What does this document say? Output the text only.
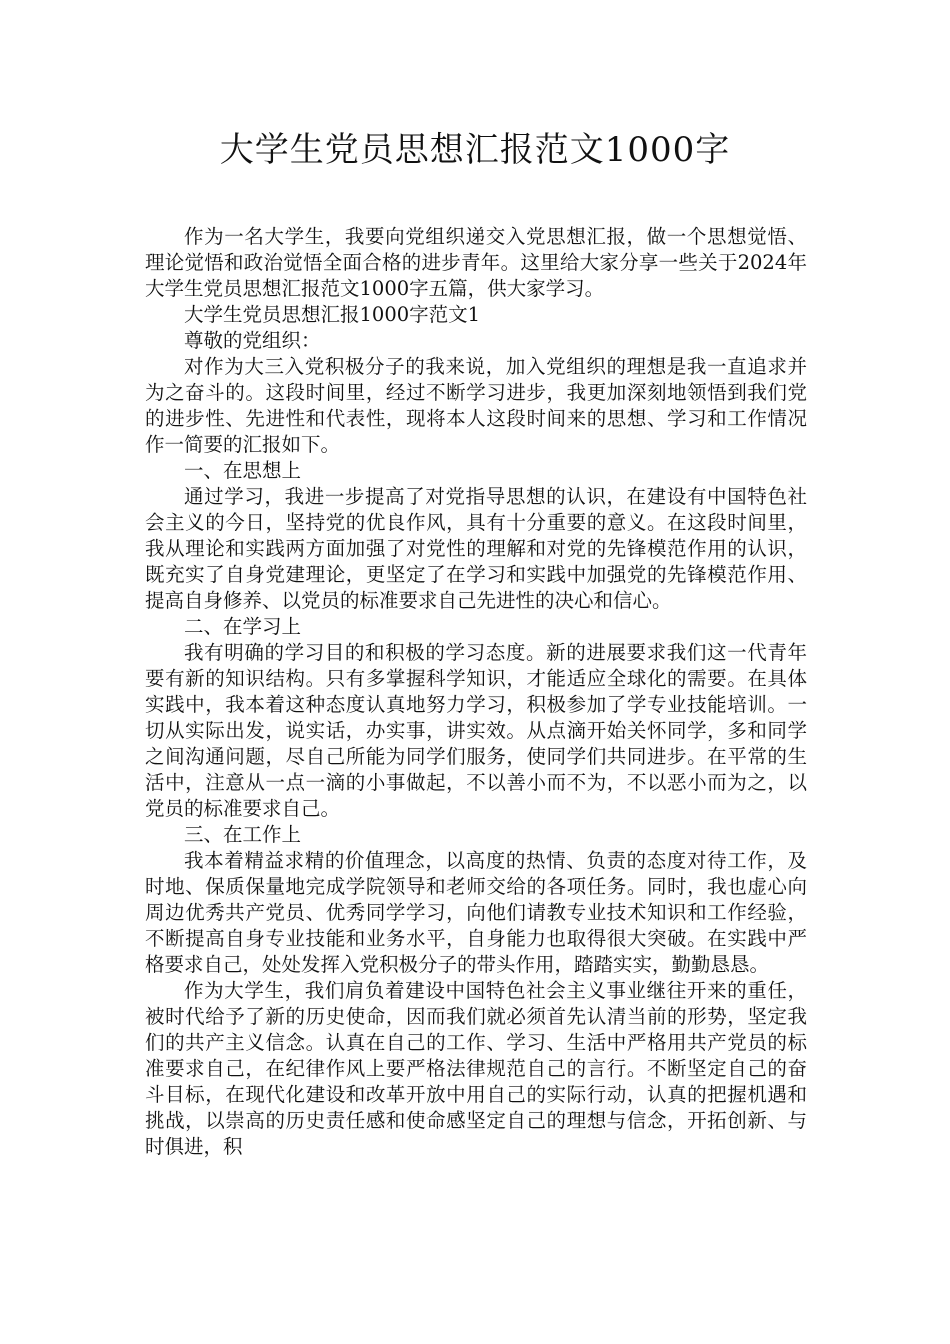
大学生党员思想汇报范文1000字

作为一名大学生，我要向党组织递交入党思想汇报，做一个思想觉悟、理论觉悟和政治觉悟全面合格的进步青年。这里给大家分享一些关于2024年大学生党员思想汇报范文1000字五篇，供大家学习。

大学生党员思想汇报1000字范文1

尊敬的党组织：

对作为大三入党积极分子的我来说，加入党组织的理想是我一直追求并为之奋斗的。这段时间里，经过不断学习进步，我更加深刻地领悟到我们党的进步性、先进性和代表性，现将本人这段时间来的思想、学习和工作情况作一简要的汇报如下。

一、在思想上

通过学习，我进一步提高了对党指导思想的认识，在建设有中国特色社会主义的今日，坚持党的优良作风，具有十分重要的意义。在这段时间里，我从理论和实践两方面加强了对党性的理解和对党的先锋模范作用的认识，既充实了自身党建理论，更坚定了在学习和实践中加强党的先锋模范作用、提高自身修养、以党员的标准要求自己先进性的决心和信心。

二、在学习上

我有明确的学习目的和积极的学习态度。新的进展要求我们这一代青年要有新的知识结构。只有多掌握科学知识，才能适应全球化的需要。在具体实践中，我本着这种态度认真地努力学习，积极参加了学专业技能培训。一切从实际出发，说实话，办实事，讲实效。从点滴开始关怀同学，多和同学之间沟通问题，尽自己所能为同学们服务，使同学们共同进步。在平常的生活中，注意从一点一滴的小事做起，不以善小而不为，不以恶小而为之，以党员的标准要求自己。

三、在工作上

我本着精益求精的价值理念，以高度的热情、负责的态度对待工作，及时地、保质保量地完成学院领导和老师交给的各项任务。同时，我也虚心向周边优秀共产党员、优秀同学学习，向他们请教专业技术知识和工作经验，不断提高自身专业技能和业务水平，自身能力也取得很大突破。在实践中严格要求自己，处处发挥入党积极分子的带头作用，踏踏实实，勤勤恳恳。

作为大学生，我们肩负着建设中国特色社会主义事业继往开来的重任，被时代给予了新的历史使命，因而我们就必须首先认清当前的形势，坚定我们的共产主义信念。认真在自己的工作、学习、生活中严格用共产党员的标准要求自己，在纪律作风上要严格法律规范自己的言行。不断坚定自己的奋斗目标，在现代化建设和改革开放中用自己的实际行动，认真的把握机遇和挑战，以崇高的历史责任感和使命感坚定自己的理想与信念，开拓创新、与时俱进，积
